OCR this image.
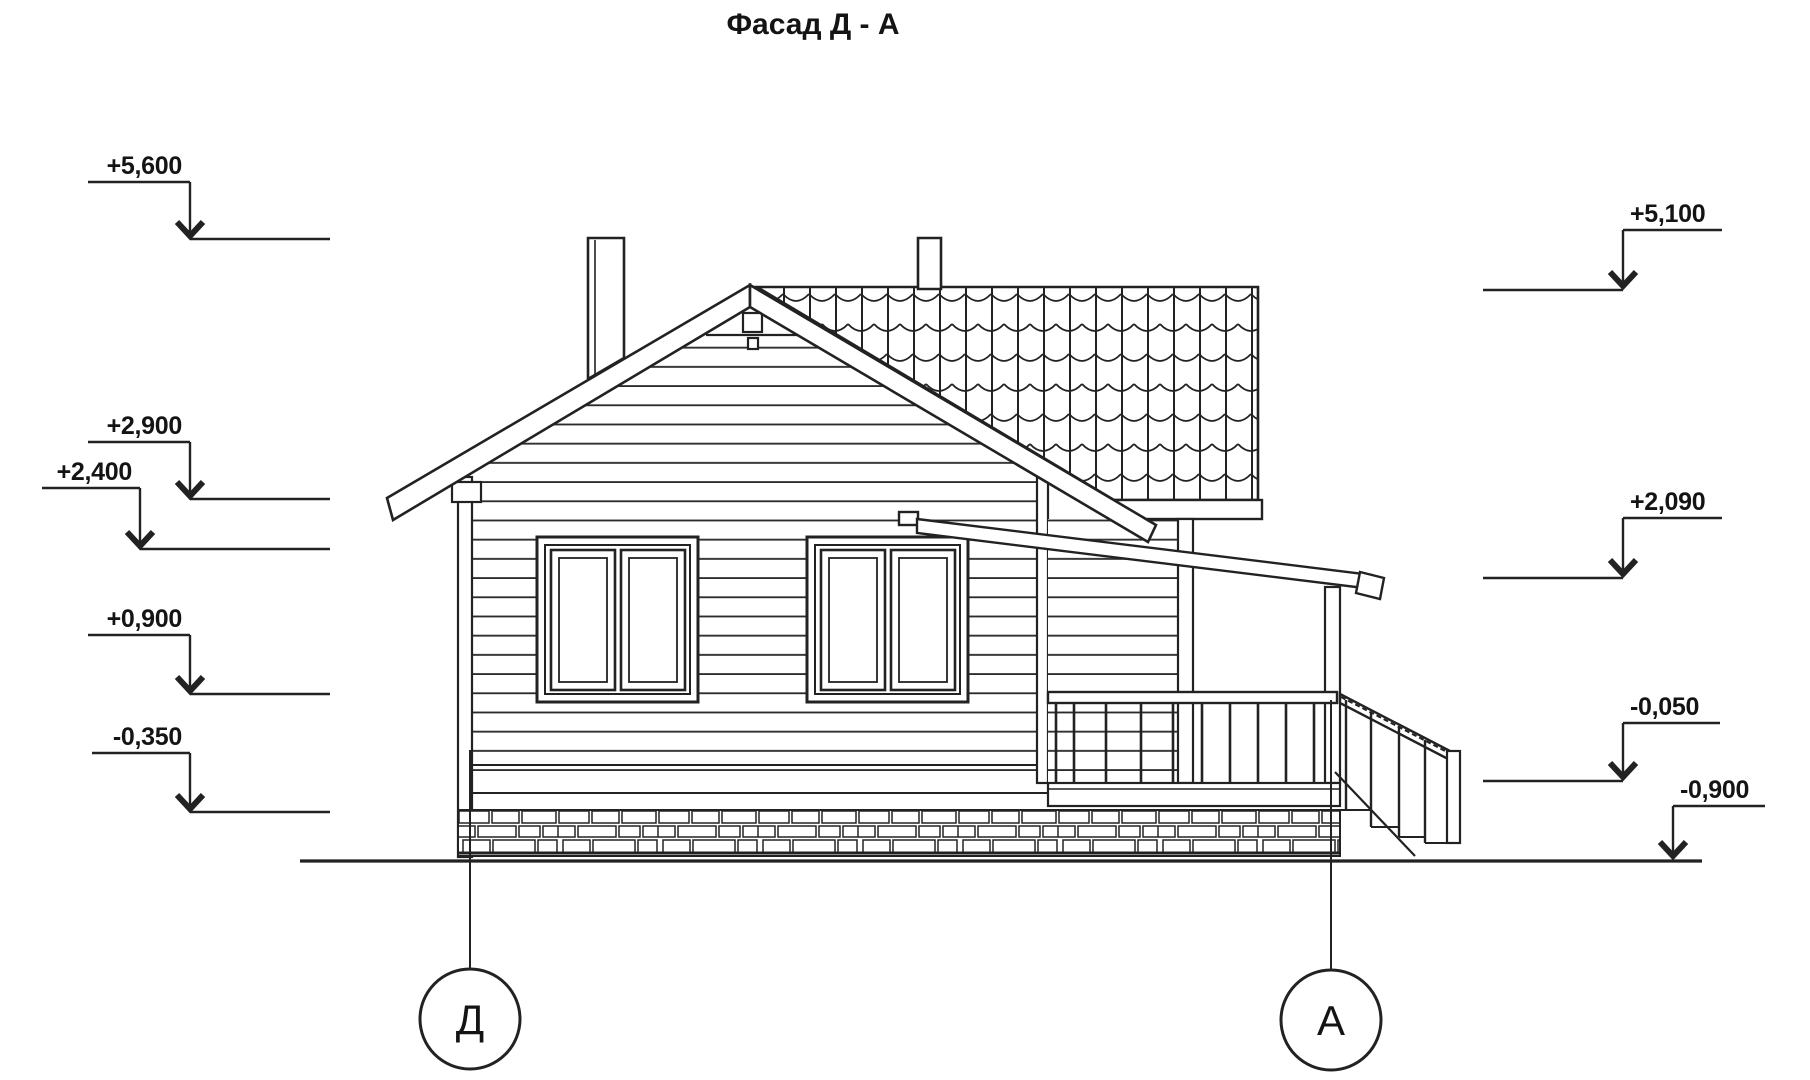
Фасад Д - А
+5,600
+2,900
+2,400
+0,900
-0,350
+5,100
+2,090
-0,050
-0,900
Д	А
